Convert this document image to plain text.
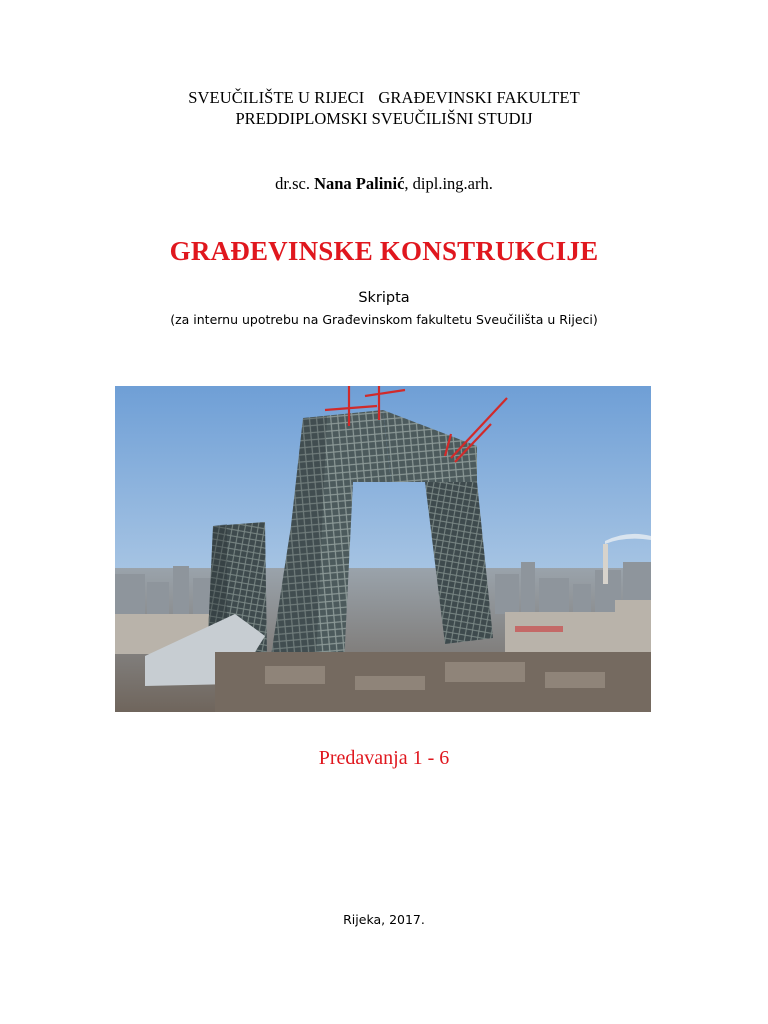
SVEUČILIŠTE U RIJECI GRAĐEVINSKI FAKULTET
PREDDIPLOMSKI SVEUČILIŠNI STUDIJ
dr.sc. Nana Palinić, dipl.ing.arh.
GRAĐEVINSKE KONSTRUKCIJE
Skripta
(za internu upotrebu na Građevinskom fakultetu Sveučilišta u Rijeci)
Predavanja 1 - 6
Rijeka, 2017.
